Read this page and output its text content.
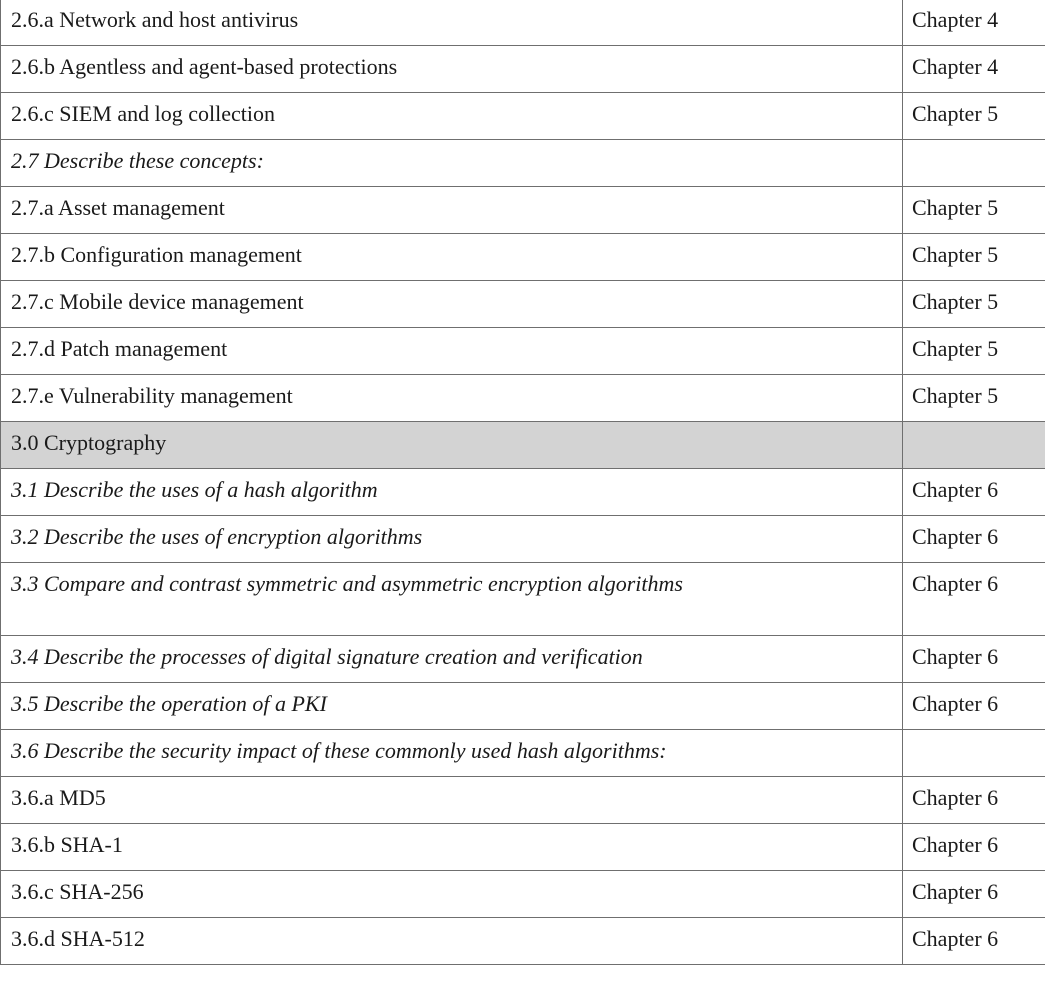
2.6.a Network and host antivirus	Chapter 4
2.6.b Agentless and agent-based protections	Chapter 4
2.6.c SIEM and log collection	Chapter 5
2.7 Describe these concepts:	
2.7.a Asset management	Chapter 5
2.7.b Configuration management	Chapter 5
2.7.c Mobile device management	Chapter 5
2.7.d Patch management	Chapter 5
2.7.e Vulnerability management	Chapter 5
3.0 Cryptography	
3.1 Describe the uses of a hash algorithm	Chapter 6
3.2 Describe the uses of encryption algorithms	Chapter 6
3.3 Compare and contrast symmetric and asymmetric encryption algorithms	Chapter 6
3.4 Describe the processes of digital signature creation and verification	Chapter 6
3.5 Describe the operation of a PKI	Chapter 6
3.6 Describe the security impact of these commonly used hash algorithms:	
3.6.a MD5	Chapter 6
3.6.b SHA-1	Chapter 6
3.6.c SHA-256	Chapter 6
3.6.d SHA-512	Chapter 6
